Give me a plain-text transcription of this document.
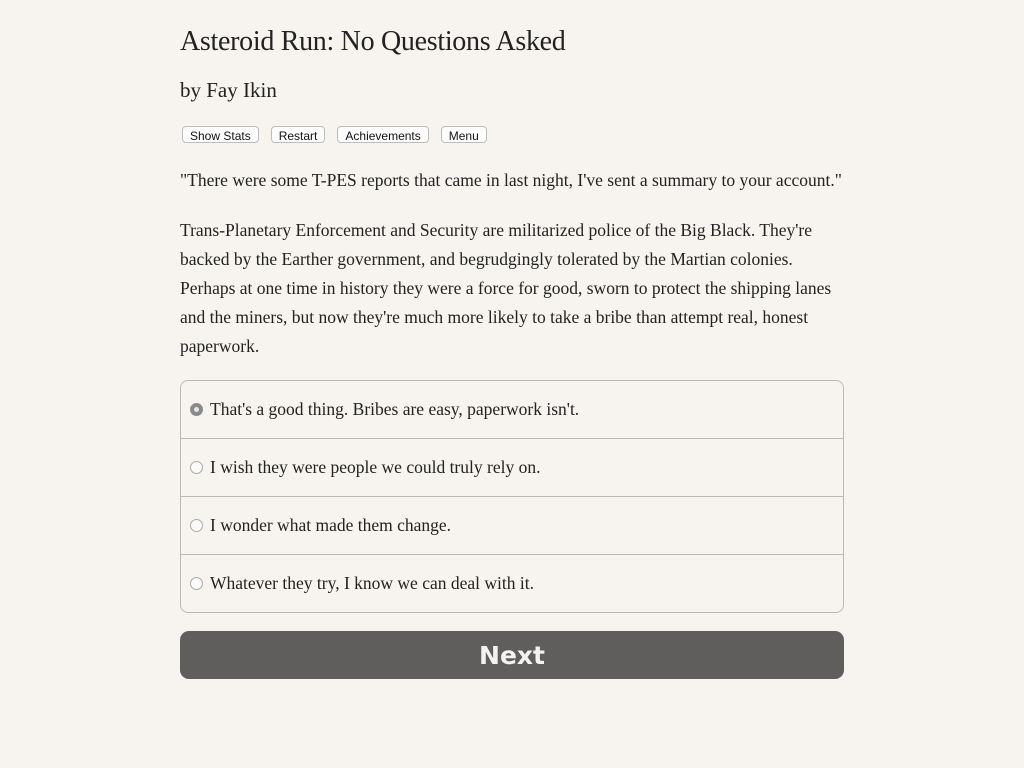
Asteroid Run: No Questions Asked
by Fay Ikin
Show Stats	Restart	Achievements	Menu
"There were some T-PES reports that came in last night, I've sent a summary to your account."
Trans-Planetary Enforcement and Security are militarized police of the Big Black. They're backed by the Earther government, and begrudgingly tolerated by the Martian colonies. Perhaps at one time in history they were a force for good, sworn to protect the shipping lanes and the miners, but now they're much more likely to take a bribe than attempt real, honest paperwork.
That's a good thing. Bribes are easy, paperwork isn't.
I wish they were people we could truly rely on.
I wonder what made them change.
Whatever they try, I know we can deal with it.
Next
